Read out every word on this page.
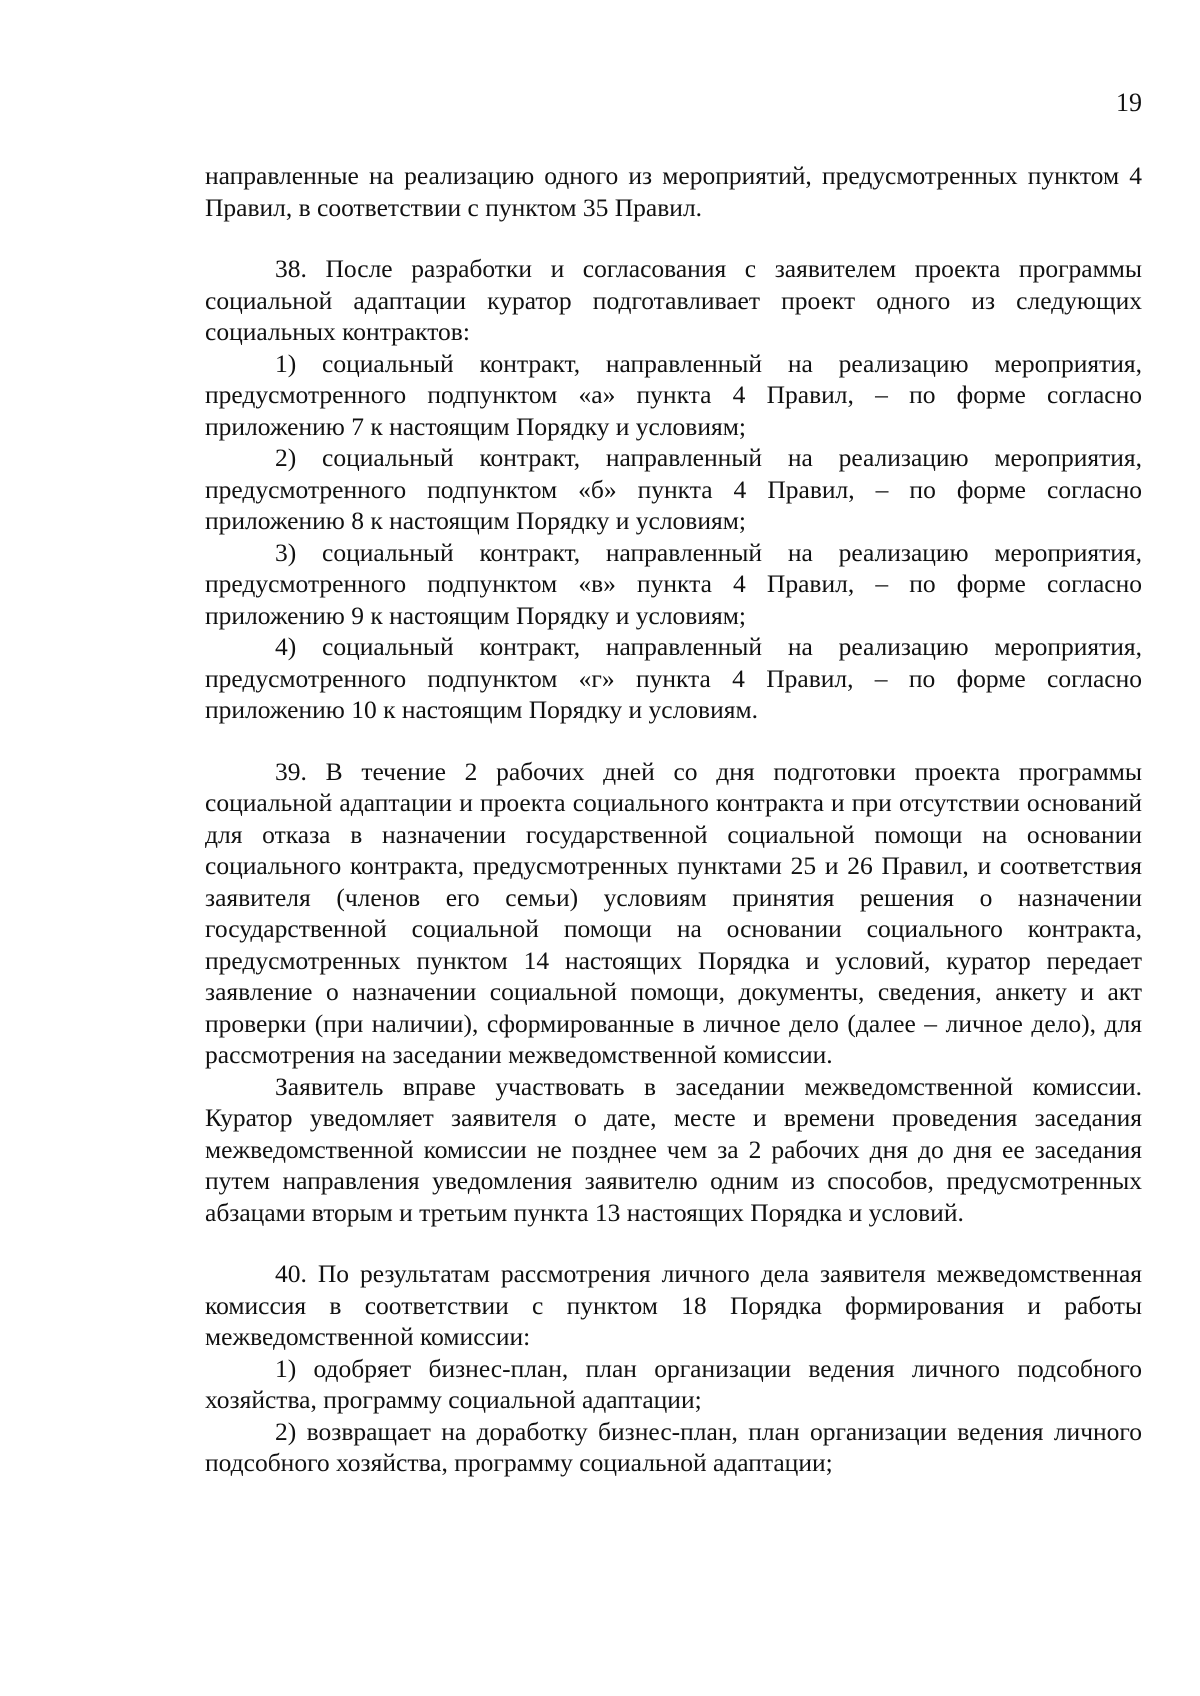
19

направленные на реализацию одного из мероприятий, предусмотренных пунктом 4 Правил, в соответствии с пунктом 35 Правил.

38. После разработки и согласования с заявителем проекта программы социальной адаптации куратор подготавливает проект одного из следующих социальных контрактов:

1) социальный контракт, направленный на реализацию мероприятия, предусмотренного подпунктом «а» пункта 4 Правил, – по форме согласно приложению 7 к настоящим Порядку и условиям;

2) социальный контракт, направленный на реализацию мероприятия, предусмотренного подпунктом «б» пункта 4 Правил, – по форме согласно приложению 8 к настоящим Порядку и условиям;

3) социальный контракт, направленный на реализацию мероприятия, предусмотренного подпунктом «в» пункта 4 Правил, – по форме согласно приложению 9 к настоящим Порядку и условиям;

4) социальный контракт, направленный на реализацию мероприятия, предусмотренного подпунктом «г» пункта 4 Правил, – по форме согласно приложению 10 к настоящим Порядку и условиям.

39. В течение 2 рабочих дней со дня подготовки проекта программы социальной адаптации и проекта социального контракта и при отсутствии оснований для отказа в назначении государственной социальной помощи на основании социального контракта, предусмотренных пунктами 25 и 26 Правил, и соответствия заявителя (членов его семьи) условиям принятия решения о назначении государственной социальной помощи на основании социального контракта, предусмотренных пунктом 14 настоящих Порядка и условий, куратор передает заявление о назначении социальной помощи, документы, сведения, анкету и акт проверки (при наличии), сформированные в личное дело (далее – личное дело), для рассмотрения на заседании межведомственной комиссии.

Заявитель вправе участвовать в заседании межведомственной комиссии. Куратор уведомляет заявителя о дате, месте и времени проведения заседания межведомственной комиссии не позднее чем за 2 рабочих дня до дня ее заседания путем направления уведомления заявителю одним из способов, предусмотренных абзацами вторым и третьим пункта 13 настоящих Порядка и условий.

40. По результатам рассмотрения личного дела заявителя межведомственная комиссия в соответствии с пунктом 18 Порядка формирования и работы межведомственной комиссии:

1) одобряет бизнес-план, план организации ведения личного подсобного хозяйства, программу социальной адаптации;

2) возвращает на доработку бизнес-план, план организации ведения личного подсобного хозяйства, программу социальной адаптации;
